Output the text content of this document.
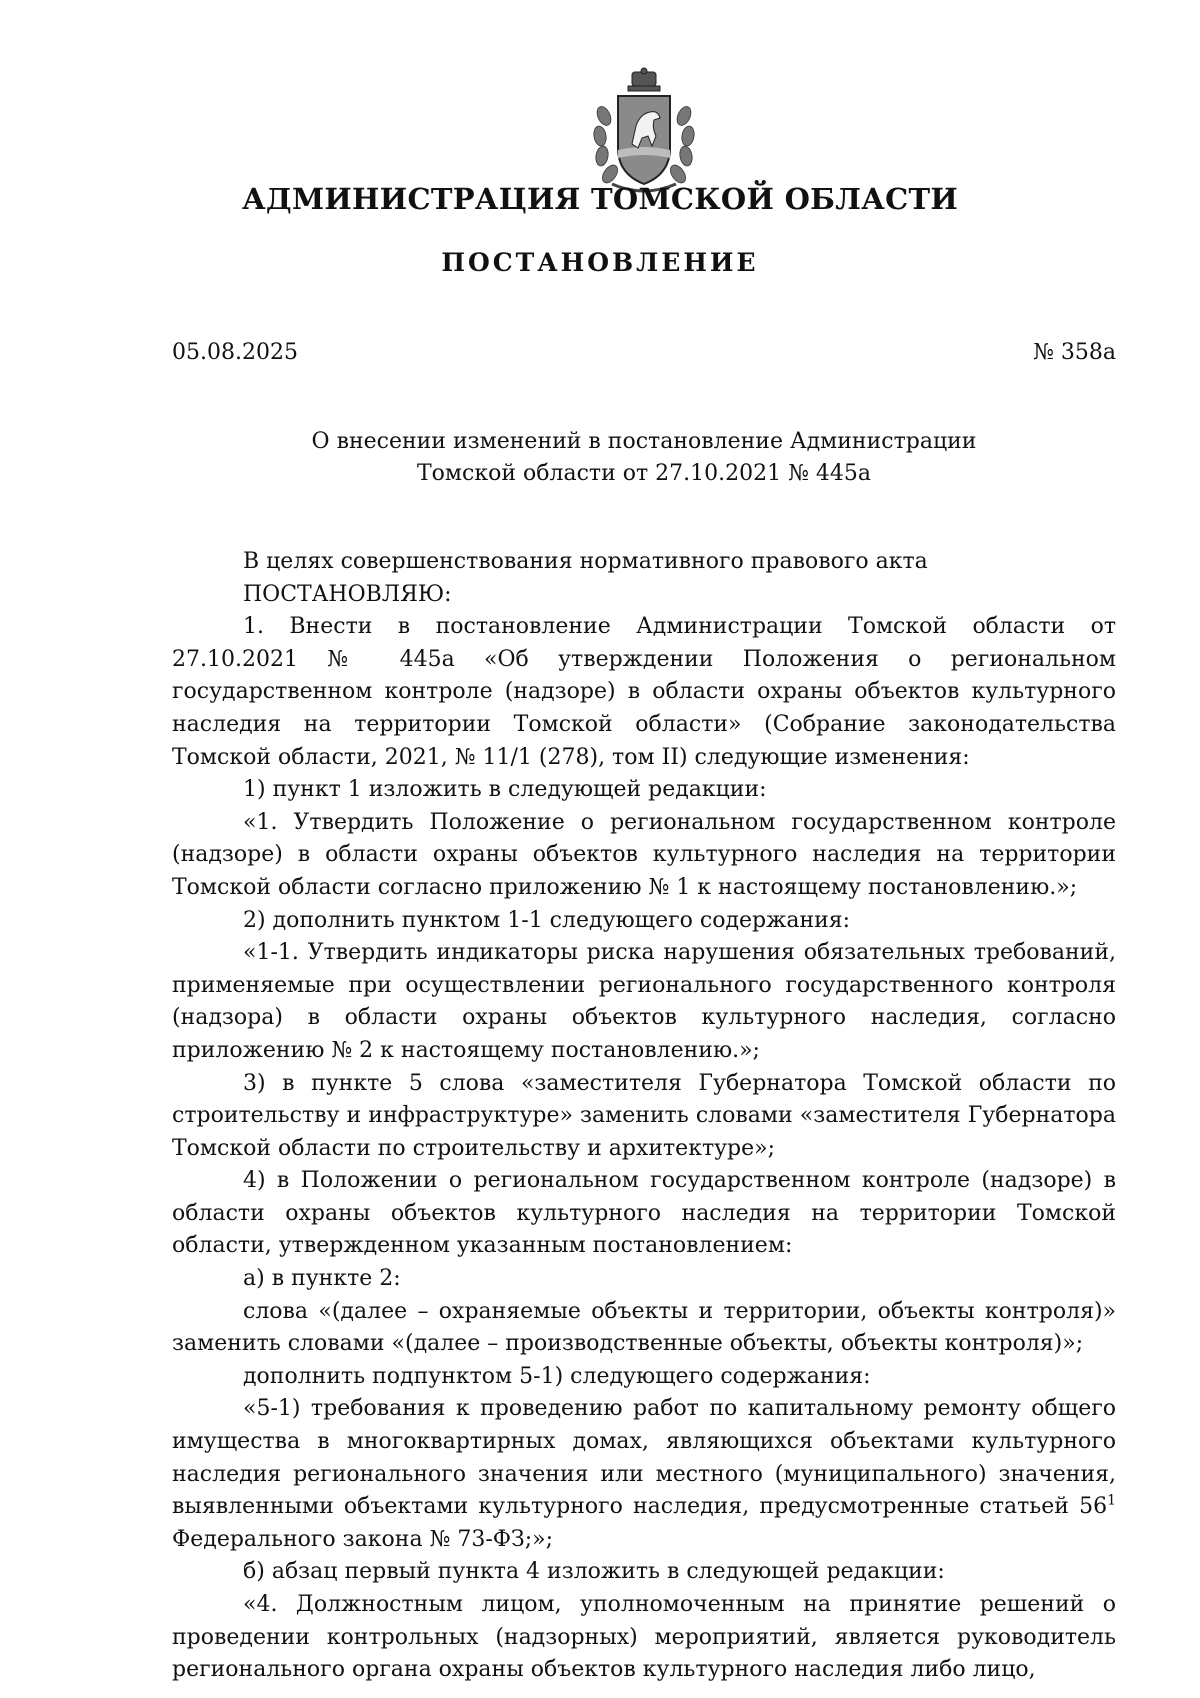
АДМИНИСТРАЦИЯ ТОМСКОЙ ОБЛАСТИ
ПОСТАНОВЛЕНИЕ
05.08.2025	№ 358а
О внесении изменений в постановление Администрации
Томской области от 27.10.2021 № 445а

В целях совершенствования нормативного правового акта

ПОСТАНОВЛЯЮ:

1. Внести в постановление Администрации Томской области от 27.10.2021 № 445а «Об утверждении Положения о региональном государственном контроле (надзоре) в области охраны объектов культурного наследия на территории Томской области» (Собрание законодательства Томской области, 2021, № 11/1 (278), том II) следующие изменения:

1) пункт 1 изложить в следующей редакции:

«1. Утвердить Положение о региональном государственном контроле (надзоре) в области охраны объектов культурного наследия на территории Томской области согласно приложению № 1 к настоящему постановлению.»;

2) дополнить пунктом 1-1 следующего содержания:

«1-1. Утвердить индикаторы риска нарушения обязательных требований, применяемые при осуществлении регионального государственного контроля (надзора) в области охраны объектов культурного наследия, согласно приложению № 2 к настоящему постановлению.»;

3) в пункте 5 слова «заместителя Губернатора Томской области по строительству и инфраструктуре» заменить словами «заместителя Губернатора Томской области по строительству и архитектуре»;

4) в Положении о региональном государственном контроле (надзоре) в области охраны объектов культурного наследия на территории Томской области, утвержденном указанным постановлением:

а) в пункте 2:

слова «(далее – охраняемые объекты и территории, объекты контроля)» заменить словами «(далее – производственные объекты, объекты контроля)»;

дополнить подпунктом 5-1) следующего содержания:

«5-1) требования к проведению работ по капитальному ремонту общего имущества в многоквартирных домах, являющихся объектами культурного наследия регионального значения или местного (муниципального) значения, выявленными объектами культурного наследия, предусмотренные статьей $56^1$ Федерального закона № 73-ФЗ;»;

б) абзац первый пункта 4 изложить в следующей редакции:

«4. Должностным лицом, уполномоченным на принятие решений о проведении контрольных (надзорных) мероприятий, является руководитель регионального органа охраны объектов культурного наследия либо лицо,
